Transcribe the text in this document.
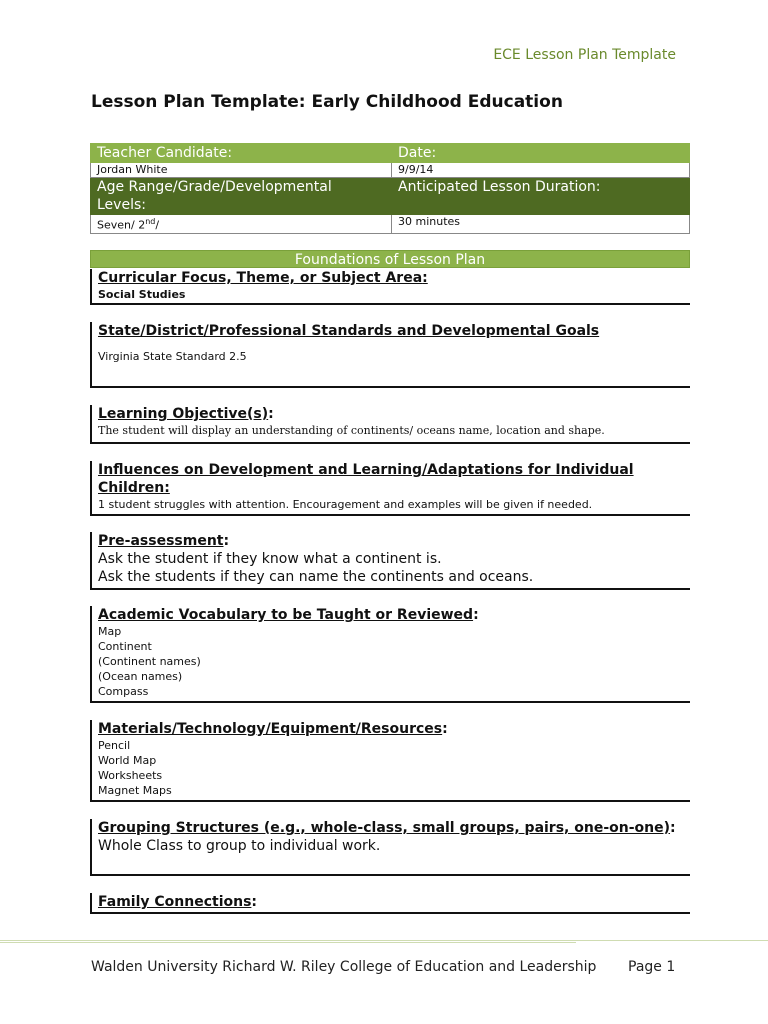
ECE Lesson Plan Template
Lesson Plan Template: Early Childhood Education
Teacher Candidate:	Date:
Jordan White	9/9/14
Age Range/Grade/Developmental Levels:	Anticipated Lesson Duration:
Seven/ 2nd/	30 minutes
Foundations of Lesson Plan
Curricular Focus, Theme, or Subject Area:
Social Studies
State/District/Professional Standards and Developmental Goals
Virginia State Standard 2.5
Learning Objective(s):
The student will display an understanding of continents/ oceans name, location and shape.
Influences on Development and Learning/Adaptations for Individual Children:
1 student struggles with attention. Encouragement and examples will be given if needed.
Pre-assessment:
Ask the student if they know what a continent is.
Ask the students if they can name the continents and oceans.
Academic Vocabulary to be Taught or Reviewed:
Map
Continent
(Continent names)
(Ocean names)
Compass
Materials/Technology/Equipment/Resources:
Pencil
World Map
Worksheets
Magnet Maps
Grouping Structures (e.g., whole-class, small groups, pairs, one-on-one):
Whole Class to group to individual work.
Family Connections:
Walden University Richard W. Riley College of Education and Leadership Page 1
